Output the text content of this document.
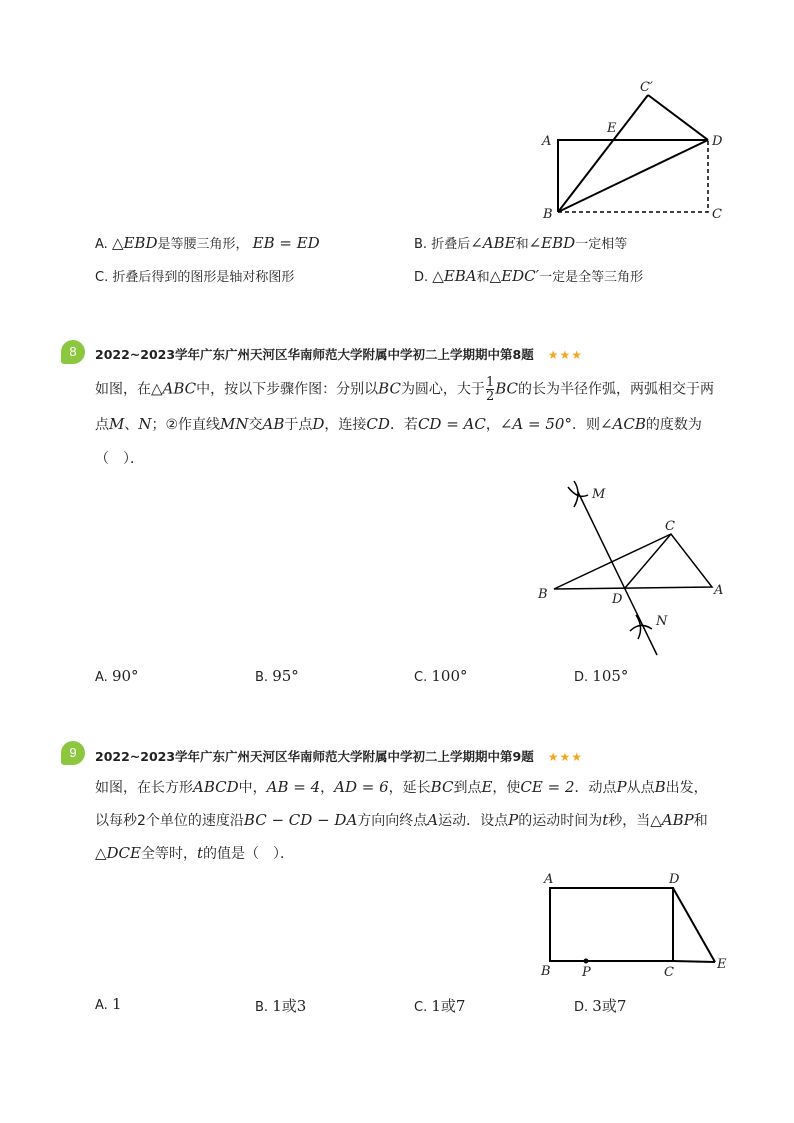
C′
E
A	D
B	C
A. △EBD是等腰三角形， EB = ED	B. 折叠后∠ABE和∠EBD一定相等
C. 折叠后得到的图形是轴对称图形	D. △EBA和△EDC′一定是全等三角形
8	2022~2023学年广东广州天河区华南师范大学附属中学初二上学期期中第8题 ★★★
如图，在△ABC中，按以下步骤作图：分别以BC为圆心，大于 $\frac{1}{2}$ BC的长为半径作弧，两弧相交于两
点M、N；②作直线MN交AB于点D，连接CD．若CD = AC，∠A = 50°．则∠ACB的度数为
（　）．
M
C
B	D
A
N
A. 90°	B. 95°	C. 100°	D. 105°
9	2022~2023学年广东广州天河区华南师范大学附属中学初二上学期期中第9题 ★★★
如图，在长方形ABCD中，AB = 4，AD = 6，延长BC到点E，使CE = 2．动点P从点B出发，
以每秒2个单位的速度沿BC − CD − DA方向向终点A运动．设点P的运动时间为t秒，当△ABP和
△DCE全等时，t的值是（　）．
A	D
B P	C
E
A. 1	B. 1或3	C. 1或7	D. 3或7
